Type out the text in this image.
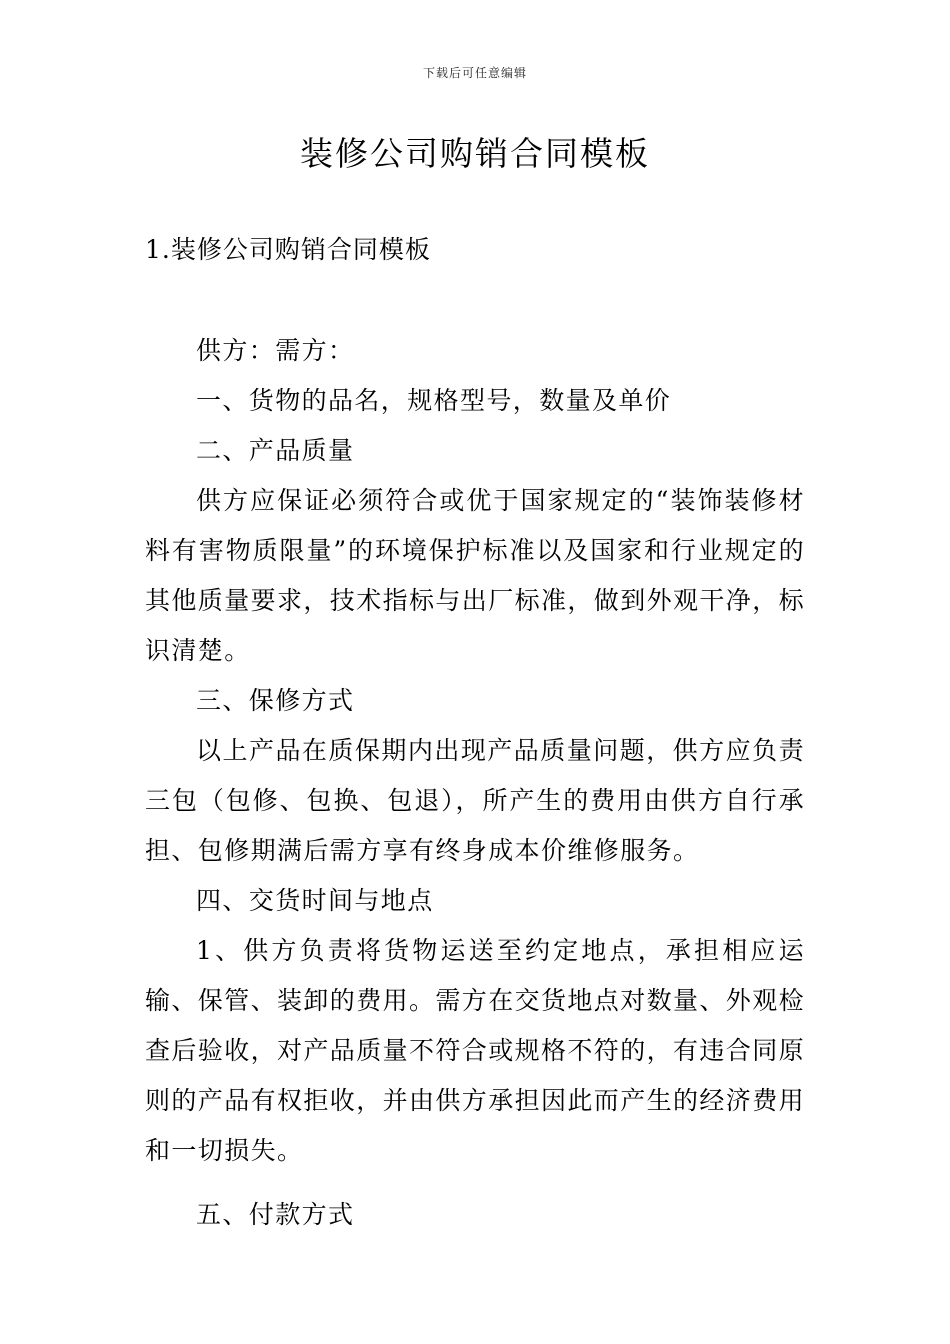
下载后可任意编辑
装修公司购销合同模板
1.装修公司购销合同模板

供方：需方：

一、货物的品名，规格型号，数量及单价

二、产品质量

供方应保证必须符合或优于国家规定的“装饰装修材料有害物质限量”的环境保护标准以及国家和行业规定的其他质量要求，技术指标与出厂标准，做到外观干净，标识清楚。

三、保修方式

以上产品在质保期内出现产品质量问题，供方应负责三包（包修、包换、包退），所产生的费用由供方自行承担、包修期满后需方享有终身成本价维修服务。

四、交货时间与地点

1、供方负责将货物运送至约定地点，承担相应运输、保管、装卸的费用。需方在交货地点对数量、外观检查后验收，对产品质量不符合或规格不符的，有违合同原则的产品有权拒收，并由供方承担因此而产生的经济费用和一切损失。

五、付款方式
